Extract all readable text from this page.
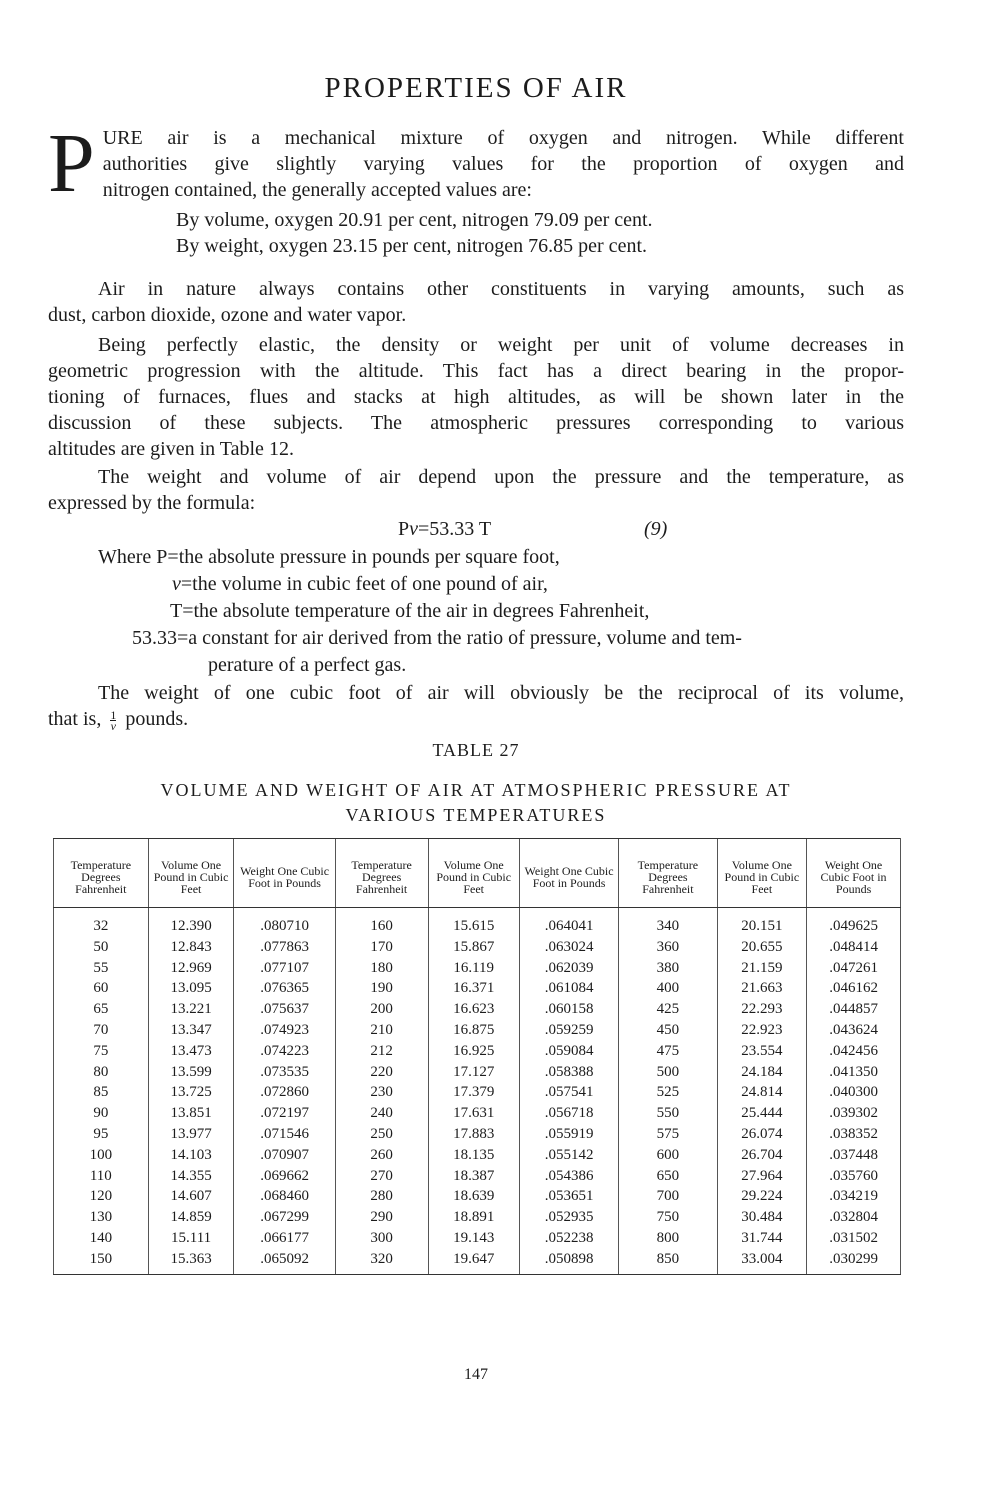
PROPERTIES OF AIR
P URE air is a mechanical mixture of oxygen and nitrogen. While different
authorities give slightly varying values for the proportion of oxygen and
nitrogen contained, the generally accepted values are:
By volume, oxygen 20.91 per cent, nitrogen 79.09 per cent.
By weight, oxygen 23.15 per cent, nitrogen 76.85 per cent.
Air in nature always contains other constituents in varying amounts, such as
dust, carbon dioxide, ozone and water vapor.
Being perfectly elastic, the density or weight per unit of volume decreases in
geometric progression with the altitude. This fact has a direct bearing in the propor-
tioning of furnaces, flues and stacks at high altitudes, as will be shown later in the
discussion of these subjects. The atmospheric pressures corresponding to various
altitudes are given in Table 12.
The weight and volume of air depend upon the pressure and the temperature, as
expressed by the formula:
Pv=53.33 T	(9)
Where P=the absolute pressure in pounds per square foot,
v=the volume in cubic feet of one pound of air,
T=the absolute temperature of the air in degrees Fahrenheit,
53.33=a constant for air derived from the ratio of pressure, volume and tem-
perature of a perfect gas.
The weight of one cubic foot of air will obviously be the reciprocal of its volume,
that is, $\frac{1}{v}$ pounds.
TABLE 27
VOLUME AND WEIGHT OF AIR AT ATMOSPHERIC PRESSURE AT
VARIOUS TEMPERATURES
Temperature Degrees Fahrenheit	Volume One Pound in Cubic Feet	Weight One Cubic Foot in Pounds	Temperature Degrees Fahrenheit	Volume One Pound in Cubic Feet	Weight One Cubic Foot in Pounds	Temperature Degrees Fahrenheit	Volume One Pound in Cubic Feet	Weight One Cubic Foot in Pounds
32	12.390	.080710	160	15.615	.064041	340	20.151	.049625
50	12.843	.077863	170	15.867	.063024	360	20.655	.048414
55	12.969	.077107	180	16.119	.062039	380	21.159	.047261
60	13.095	.076365	190	16.371	.061084	400	21.663	.046162
65	13.221	.075637	200	16.623	.060158	425	22.293	.044857
70	13.347	.074923	210	16.875	.059259	450	22.923	.043624
75	13.473	.074223	212	16.925	.059084	475	23.554	.042456
80	13.599	.073535	220	17.127	.058388	500	24.184	.041350
85	13.725	.072860	230	17.379	.057541	525	24.814	.040300
90	13.851	.072197	240	17.631	.056718	550	25.444	.039302
95	13.977	.071546	250	17.883	.055919	575	26.074	.038352
100	14.103	.070907	260	18.135	.055142	600	26.704	.037448
110	14.355	.069662	270	18.387	.054386	650	27.964	.035760
120	14.607	.068460	280	18.639	.053651	700	29.224	.034219
130	14.859	.067299	290	18.891	.052935	750	30.484	.032804
140	15.111	.066177	300	19.143	.052238	800	31.744	.031502
150	15.363	.065092	320	19.647	.050898	850	33.004	.030299
147
